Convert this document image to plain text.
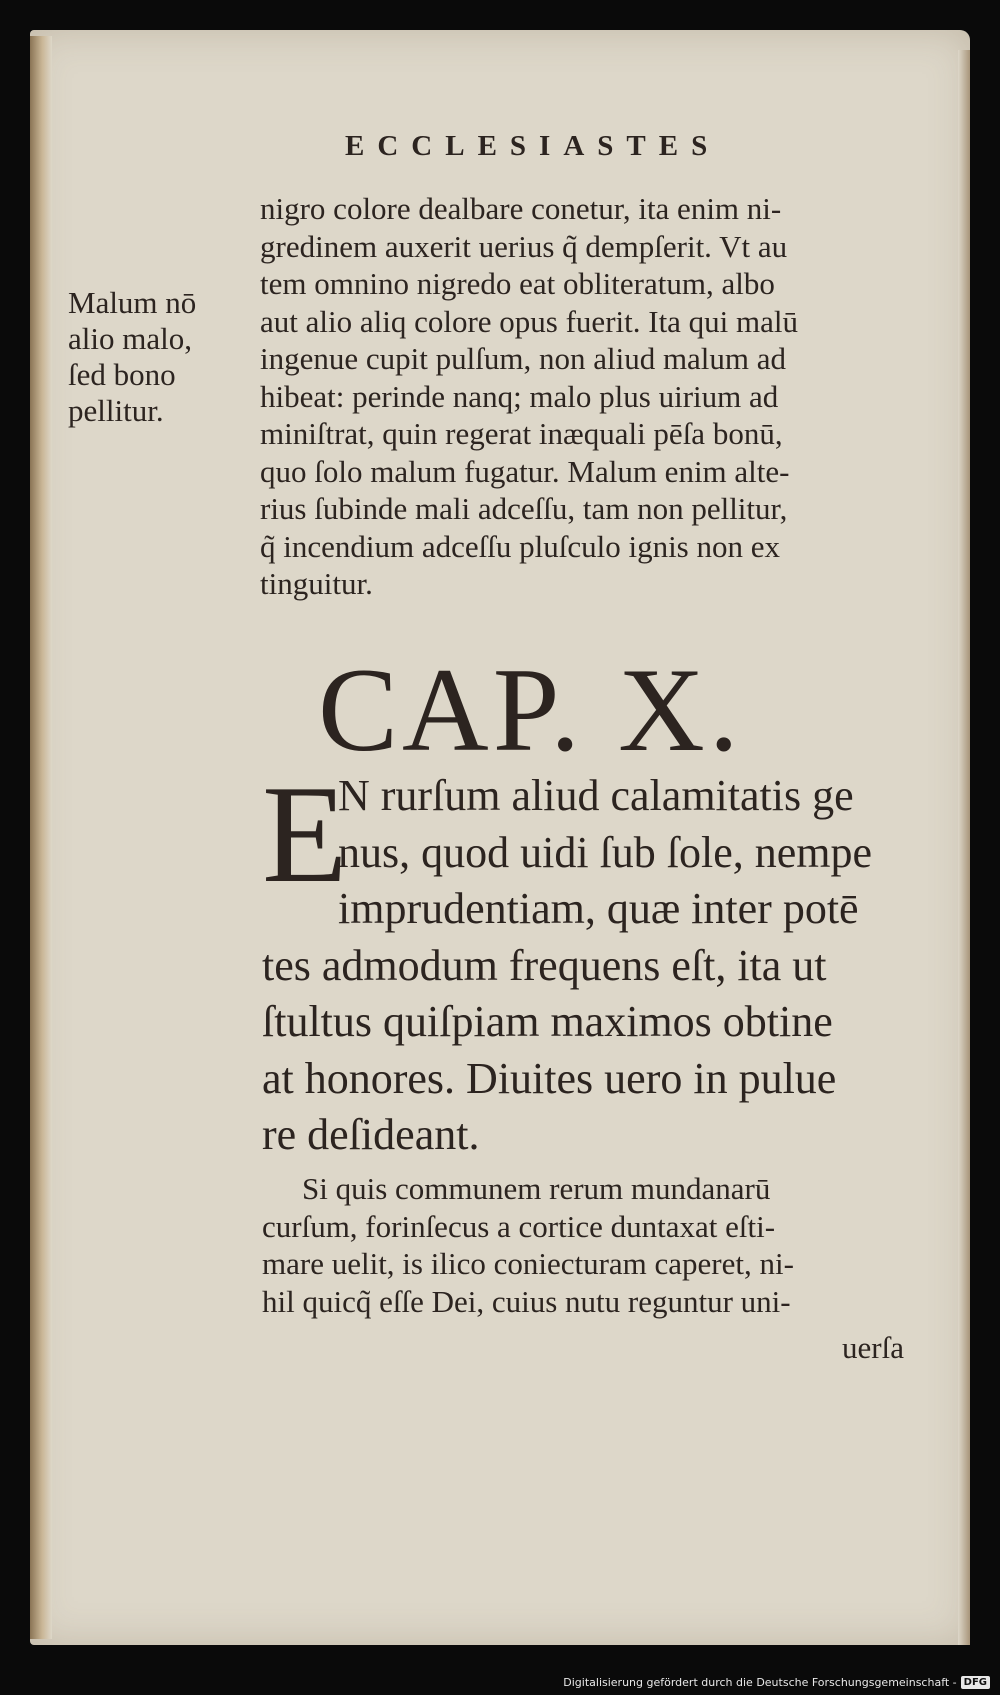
ECCLESIASTES
Malum nō
alio malo,
ſed bono
pellitur.
nigro colore dealbare conetur, ita enim ni-
gredinem auxerit uerius q̃ dempſerit. Vt au
tem omnino nigredo eat obliteratum, albo
aut alio aliq colore opus fuerit. Ita qui malū
ingenue cupit pulſum, non aliud malum ad
hibeat: perinde nanq; malo plus uirium ad
miniſtrat, quin regerat inæquali pēſa bonū,
quo ſolo malum fugatur. Malum enim alte-
rius ſubinde mali adceſſu, tam non pellitur,
q̃ incendium adceſſu pluſculo ignis non ex
tinguitur.
CAP. X.
E
N rurſum aliud calamitatis ge
nus, quod uidi ſub ſole, nempe
imprudentiam, quæ inter potē
tes admodum frequens eſt, ita ut
ſtultus quiſpiam maximos obtine
at honores. Diuites uero in pulue
re deſideant.
Si quis communem rerum mundanarū
curſum, forinſecus a cortice duntaxat eſti-
mare uelit, is ilico coniecturam caperet, ni-
hil quicq̃ eſſe Dei, cuius nutu reguntur uni-
uerſa
Digitalisierung gefördert durch die Deutsche Forschungsgemeinschaft - DFG
